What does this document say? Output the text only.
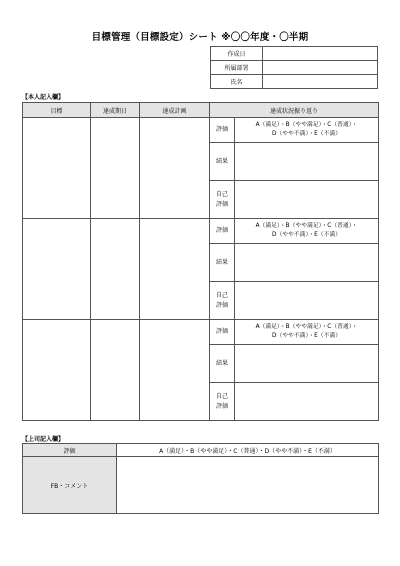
目標管理（目標設定）シート ※〇〇年度・〇半期
作成日	
所属部署	
氏名	
【本人記入欄】
目標	達成期日	達成計画	達成状況振り返り	
			評価	A（満足）・B（やや満足）・C（普通）・
D（やや不満）・E（不満）

			結果	

			自己
評価	

			評価	A（満足）・B（やや満足）・C（普通）・
D（やや不満）・E（不満）

			結果	

			自己
評価	

			評価	A（満足）・B（やや満足）・C（普通）・
D（やや不満）・E（不満）

			結果	

			自己
評価	

【上司記入欄】
評価	A（満足）・B（やや満足）・C（普通）・D（やや不満）・E（不満）
FB・コメント	
